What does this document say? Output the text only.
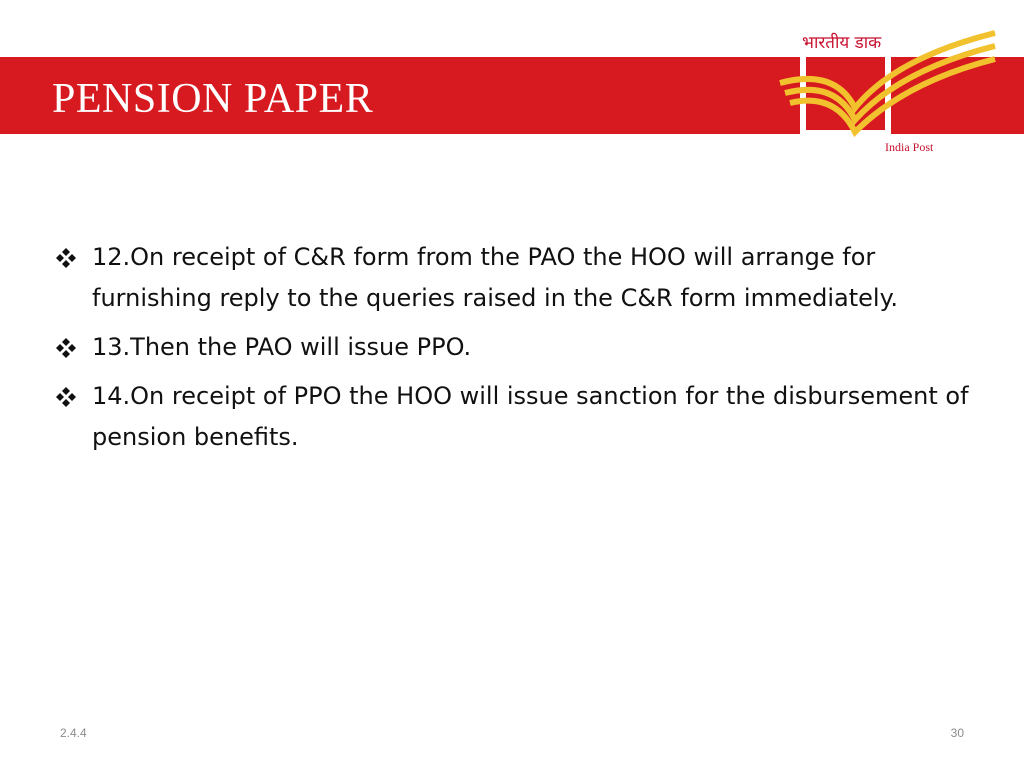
PENSION PAPER
भारतीय डाक
India Post
12.On receipt of C&R form from the PAO the HOO will arrange for furnishing reply to the queries raised in the C&R form immediately.
13.Then the PAO will issue PPO.
14.On receipt of PPO the HOO will issue sanction for the disbursement of pension benefits.
2.4.4	30
